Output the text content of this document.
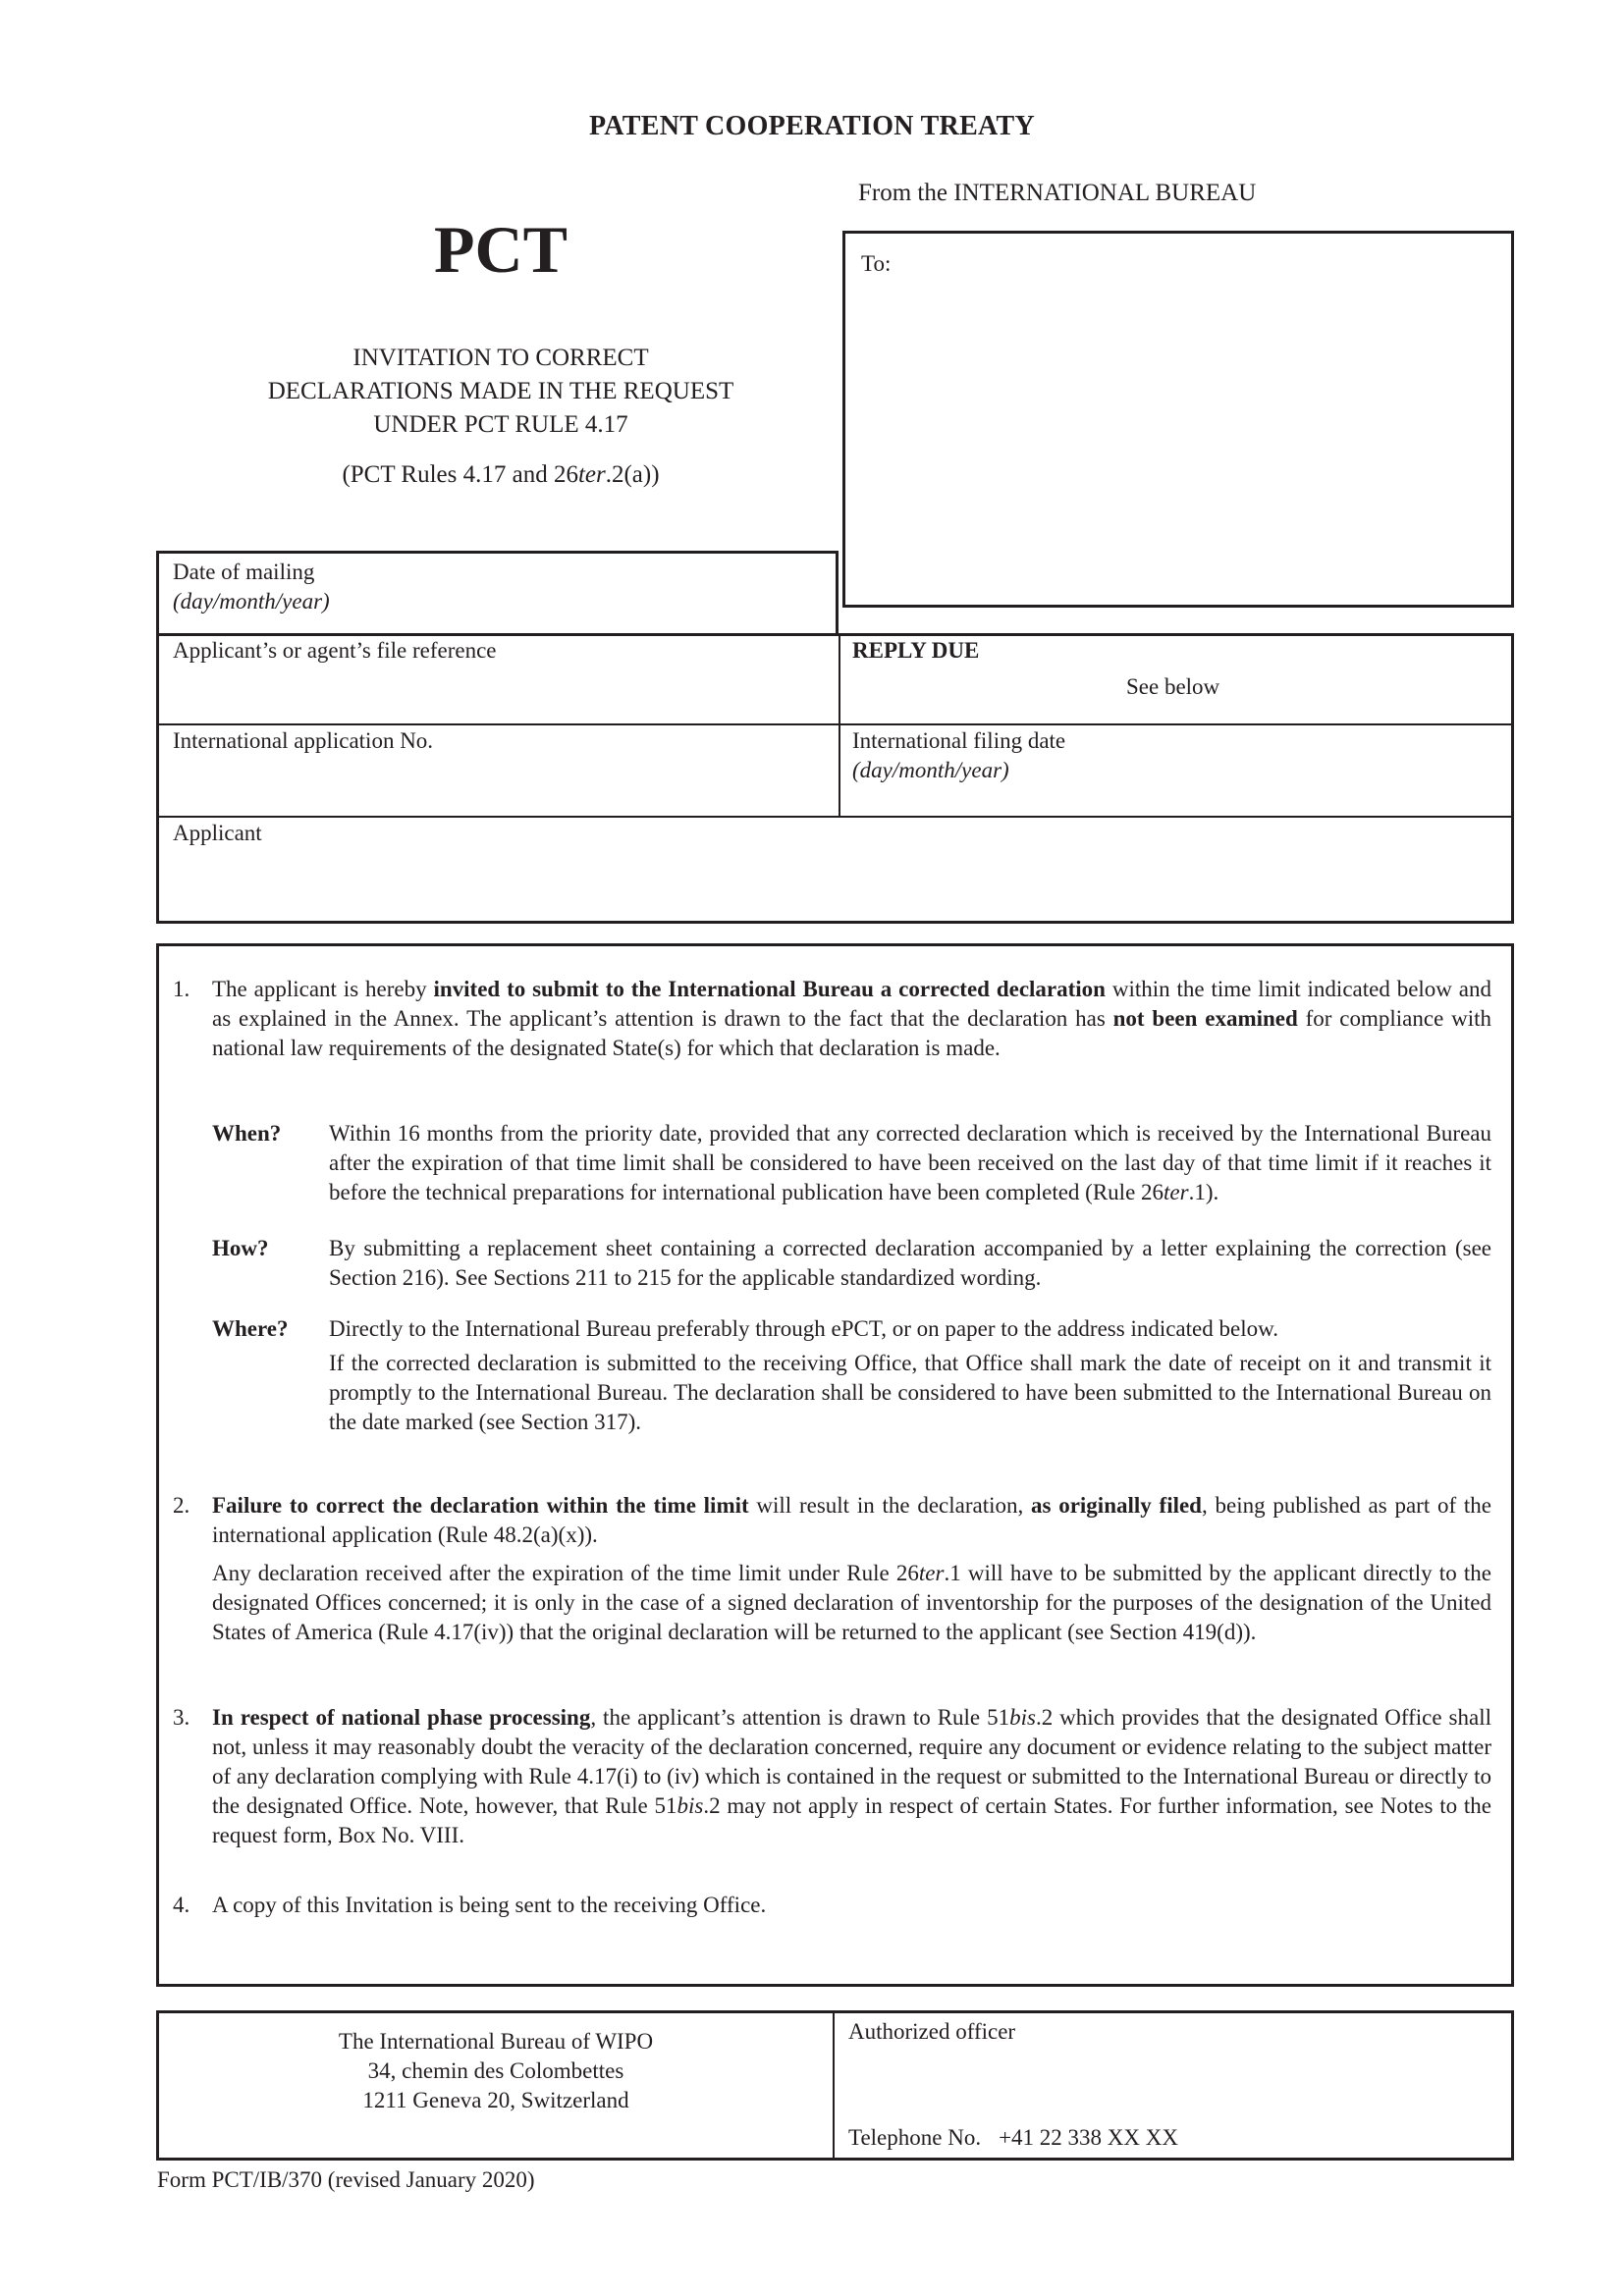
PATENT COOPERATION TREATY
From the INTERNATIONAL BUREAU
PCT
INVITATION TO CORRECT
DECLARATIONS MADE IN THE REQUEST
UNDER PCT RULE 4.17
(PCT Rules 4.17 and 26ter.2(a))
To:
Date of mailing
(day/month/year)
Applicant’s or agent’s file reference	REPLY DUE
See below
International application No.	International filing date
(day/month/year)
Applicant
1. The applicant is hereby invited to submit to the International Bureau a corrected declaration within the time limit indicated below and as explained in the Annex. The applicant’s attention is drawn to the fact that the declaration has not been examined for compliance with national law requirements of the designated State(s) for which that declaration is made.
When? Within 16 months from the priority date, provided that any corrected declaration which is received by the International Bureau after the expiration of that time limit shall be considered to have been received on the last day of that time limit if it reaches it before the technical preparations for international publication have been completed (Rule 26ter.1).
How?	By submitting a replacement sheet containing a corrected declaration accompanied by a letter explaining the correction (see Section 216). See Sections 211 to 215 for the applicable standardized wording.
Where? Directly to the International Bureau preferably through ePCT, or on paper to the address indicated below.
If the corrected declaration is submitted to the receiving Office, that Office shall mark the date of receipt on it and transmit it promptly to the International Bureau. The declaration shall be considered to have been submitted to the International Bureau on the date marked (see Section 317).
2. Failure to correct the declaration within the time limit will result in the declaration, as originally filed, being published as part of the international application (Rule 48.2(a)(x)).
Any declaration received after the expiration of the time limit under Rule 26ter.1 will have to be submitted by the applicant directly to the designated Offices concerned; it is only in the case of a signed declaration of inventorship for the purposes of the designation of the United States of America (Rule 4.17(iv)) that the original declaration will be returned to the applicant (see Section 419(d)).
3. In respect of national phase processing, the applicant’s attention is drawn to Rule 51bis.2 which provides that the designated Office shall not, unless it may reasonably doubt the veracity of the declaration concerned, require any document or evidence relating to the subject matter of any declaration complying with Rule 4.17(i) to (iv) which is contained in the request or submitted to the International Bureau or directly to the designated Office. Note, however, that Rule 51bis.2 may not apply in respect of certain States. For further information, see Notes to the request form, Box No. VIII.
4. A copy of this Invitation is being sent to the receiving Office.
The International Bureau of WIPO
34, chemin des Colombettes
1211 Geneva 20, Switzerland
Authorized officer
Telephone No. +41 22 338 XX XX
Form PCT/IB/370 (revised January 2020)
